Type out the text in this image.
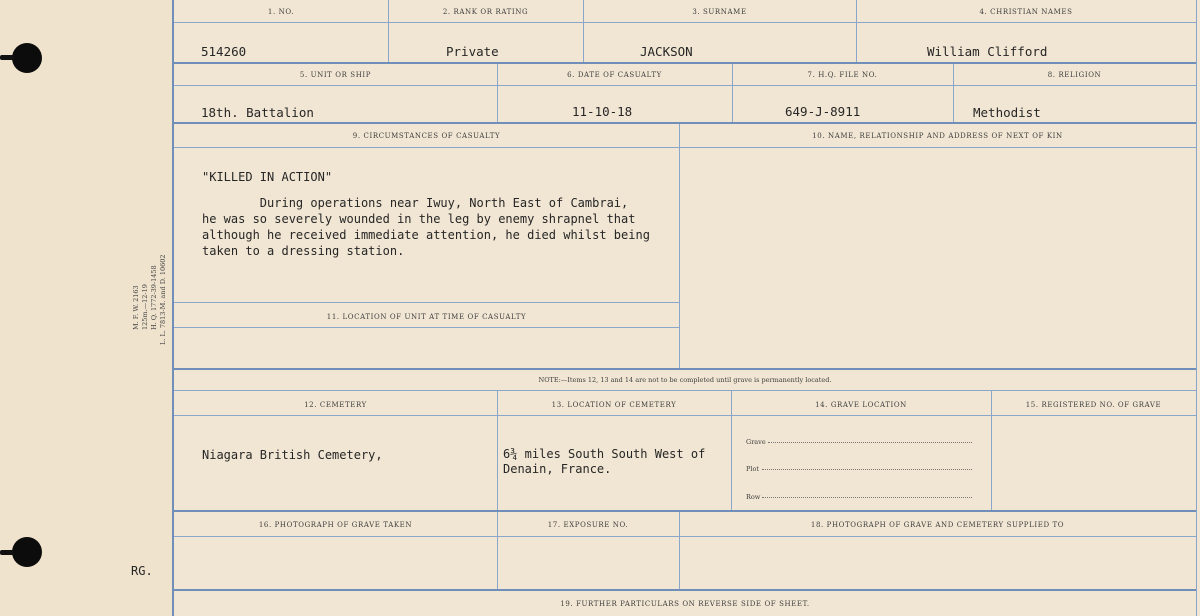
M. F. W. 2163 125m.—12-19 H. Q. 1772-39-1458 L. L. 7813-M. and D. 10602
RG.
1. NO.	2. RANK OR RATING	3. SURNAME	4. CHRISTIAN NAMES
514260	Private	JACKSON	William Clifford
5. UNIT OR SHIP	6. DATE OF CASUALTY	7. H.Q. FILE NO.	8. RELIGION
18th. Battalion	11-10-18	649-J-8911	Methodist
9. CIRCUMSTANCES OF CASUALTY	10. NAME, RELATIONSHIP AND ADDRESS OF NEXT OF KIN
"KILLED IN ACTION"
During operations near Iwuy, North East of Cambrai,
he was so severely wounded in the leg by enemy shrapnel that
although he received immediate attention, he died whilst being
taken to a dressing station.
11. LOCATION OF UNIT AT TIME OF CASUALTY
NOTE:—Items 12, 13 and 14 are not to be completed until grave is permanently located.
12. CEMETERY	13. LOCATION OF CEMETERY	14. GRAVE LOCATION	15. REGISTERED NO. OF GRAVE
Niagara British Cemetery,	6¾ miles South South West of
Denain, France.
Grave
Plot
Row
16. PHOTOGRAPH OF GRAVE TAKEN	17. EXPOSURE NO.	18. PHOTOGRAPH OF GRAVE AND CEMETERY SUPPLIED TO
19. FURTHER PARTICULARS ON REVERSE SIDE OF SHEET.
